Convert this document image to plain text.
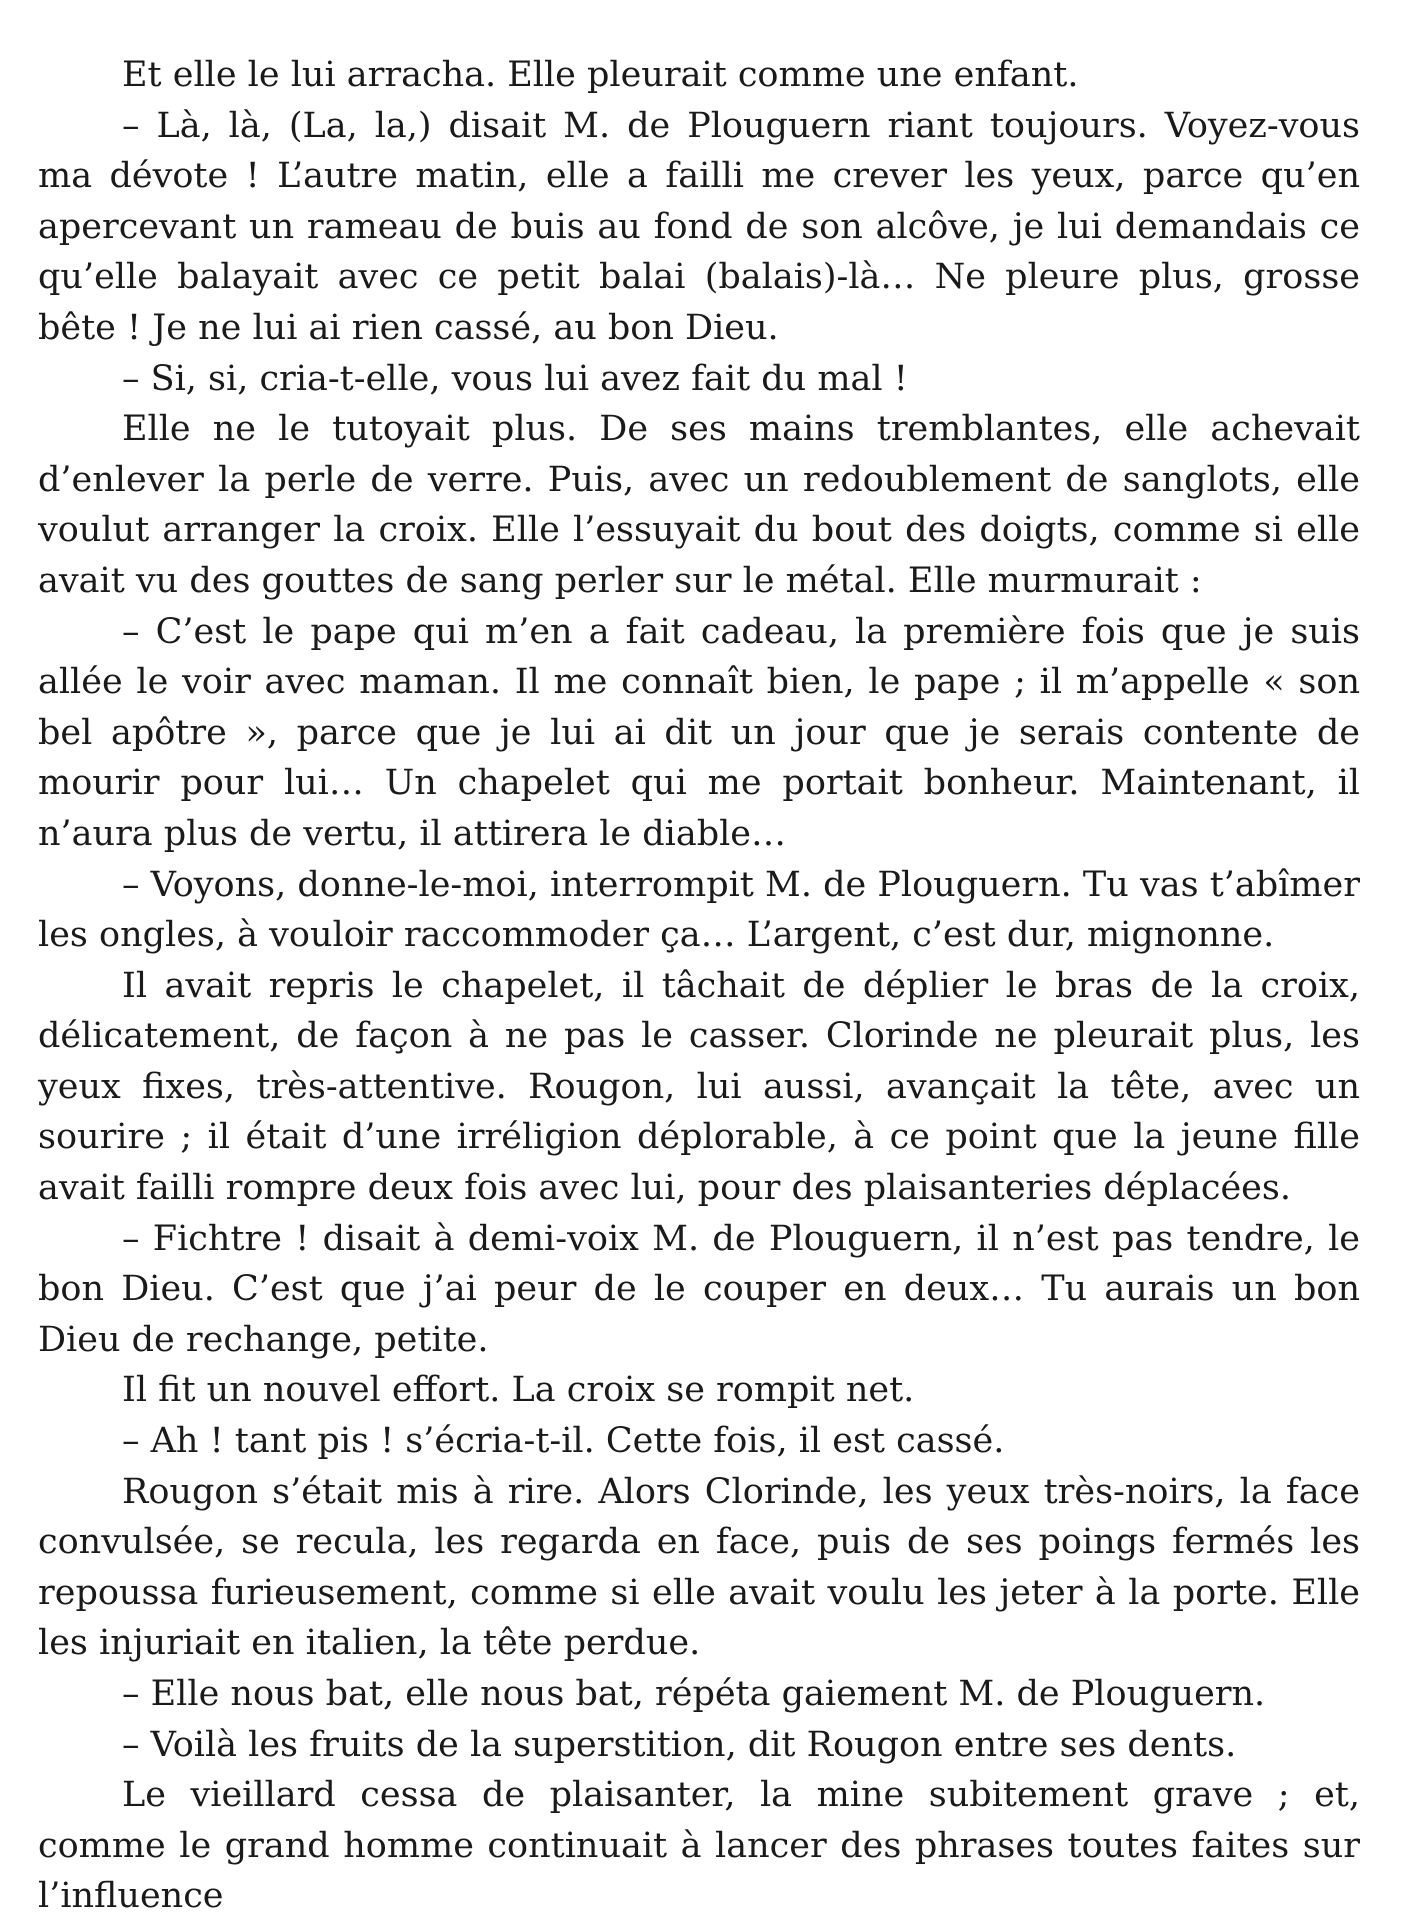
Et elle le lui arracha. Elle pleurait comme une enfant.

– Là, là, (La, la,) disait M. de Plouguern riant toujours. Voyez-vous ma dévote ! L’autre matin, elle a failli me crever les yeux, parce qu’en apercevant un rameau de buis au fond de son alcôve, je lui demandais ce qu’elle balayait avec ce petit balai (balais)-là… Ne pleure plus, grosse bête ! Je ne lui ai rien cassé, au bon Dieu.

– Si, si, cria-t-elle, vous lui avez fait du mal !

Elle ne le tutoyait plus. De ses mains tremblantes, elle achevait d’enlever la perle de verre. Puis, avec un redoublement de sanglots, elle voulut arranger la croix. Elle l’essuyait du bout des doigts, comme si elle avait vu des gouttes de sang perler sur le métal. Elle murmurait :

– C’est le pape qui m’en a fait cadeau, la première fois que je suis allée le voir avec maman. Il me connaît bien, le pape ; il m’appelle « son bel apôtre », parce que je lui ai dit un jour que je serais contente de mourir pour lui… Un chapelet qui me portait bonheur. Maintenant, il n’aura plus de vertu, il attirera le diable…

– Voyons, donne-le-moi, interrompit M. de Plouguern. Tu vas t’abîmer les ongles, à vouloir raccommoder ça… L’argent, c’est dur, mignonne.

Il avait repris le chapelet, il tâchait de déplier le bras de la croix, délicatement, de façon à ne pas le casser. Clorinde ne pleurait plus, les yeux fixes, très-attentive. Rougon, lui aussi, avançait la tête, avec un sourire ; il était d’une irréligion déplorable, à ce point que la jeune fille avait failli rompre deux fois avec lui, pour des plaisanteries déplacées.

– Fichtre ! disait à demi-voix M. de Plouguern, il n’est pas tendre, le bon Dieu. C’est que j’ai peur de le couper en deux… Tu aurais un bon Dieu de rechange, petite.

Il fit un nouvel effort. La croix se rompit net.

– Ah ! tant pis ! s’écria-t-il. Cette fois, il est cassé.

Rougon s’était mis à rire. Alors Clorinde, les yeux très-noirs, la face convulsée, se recula, les regarda en face, puis de ses poings fermés les repoussa furieusement, comme si elle avait voulu les jeter à la porte. Elle les injuriait en italien, la tête perdue.

– Elle nous bat, elle nous bat, répéta gaiement M. de Plouguern.

– Voilà les fruits de la superstition, dit Rougon entre ses dents.

Le vieillard cessa de plaisanter, la mine subitement grave ; et, comme le grand homme continuait à lancer des phrases toutes faites sur l’influence
